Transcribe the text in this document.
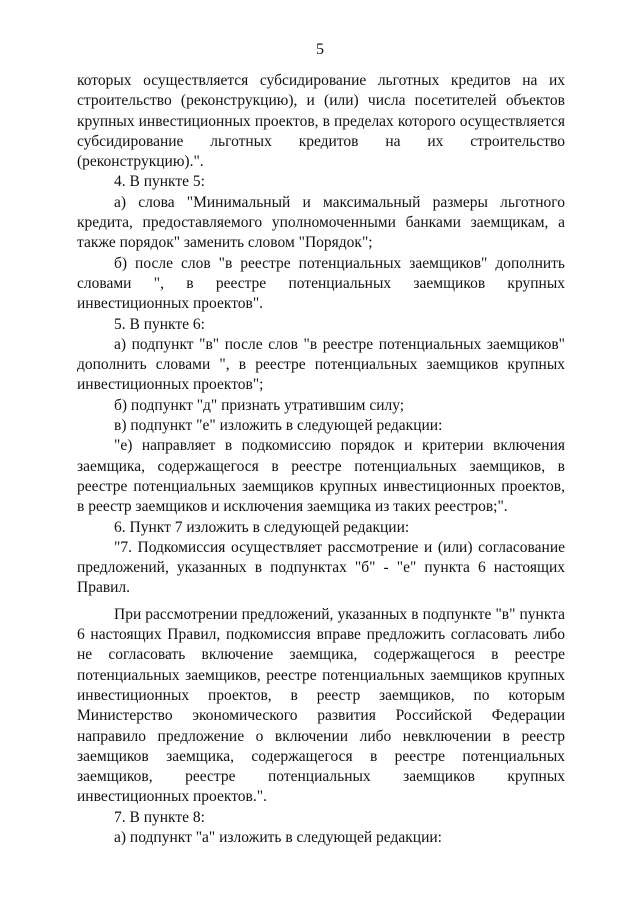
5

которых осуществляется субсидирование льготных кредитов на их строительство (реконструкцию), и (или) числа посетителей объектов крупных инвестиционных проектов, в пределах которого осуществляется субсидирование льготных кредитов на их строительство (реконструкцию).".

4. В пункте 5:

а) слова "Минимальный и максимальный размеры льготного кредита, предоставляемого уполномоченными банками заемщикам, а также порядок" заменить словом "Порядок";

б) после слов "в реестре потенциальных заемщиков" дополнить словами ", в реестре потенциальных заемщиков крупных инвестиционных проектов".

5. В пункте 6:

а) подпункт "в" после слов "в реестре потенциальных заемщиков" дополнить словами ", в реестре потенциальных заемщиков крупных инвестиционных проектов";

б) подпункт "д" признать утратившим силу;

в) подпункт "е" изложить в следующей редакции:

"е) направляет в подкомиссию порядок и критерии включения заемщика, содержащегося в реестре потенциальных заемщиков, в реестре потенциальных заемщиков крупных инвестиционных проектов, в реестр заемщиков и исключения заемщика из таких реестров;".

6. Пункт 7 изложить в следующей редакции:

"7. Подкомиссия осуществляет рассмотрение и (или) согласование предложений, указанных в подпунктах "б" - "е" пункта 6 настоящих Правил.

При рассмотрении предложений, указанных в подпункте "в" пункта 6 настоящих Правил, подкомиссия вправе предложить согласовать либо не согласовать включение заемщика, содержащегося в реестре потенциальных заемщиков, реестре потенциальных заемщиков крупных инвестиционных проектов, в реестр заемщиков, по которым Министерство экономического развития Российской Федерации направило предложение о включении либо невключении в реестр заемщиков заемщика, содержащегося в реестре потенциальных заемщиков, реестре потенциальных заемщиков крупных инвестиционных проектов.".

7. В пункте 8:

а) подпункт "а" изложить в следующей редакции:
